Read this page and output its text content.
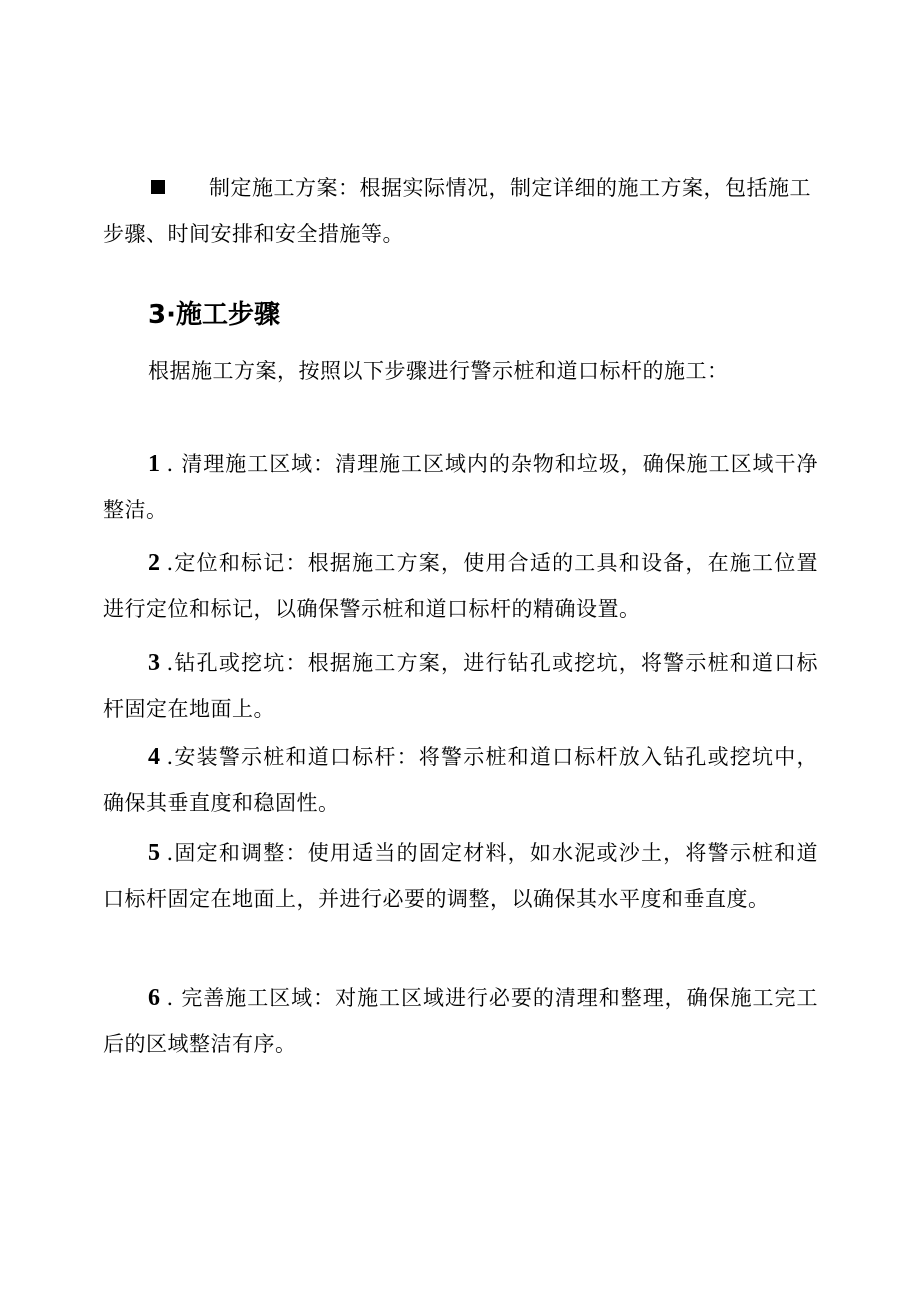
制定施工方案：根据实际情况，制定详细的施工方案，包括施工步骤、时间安排和安全措施等。

3·施工步骤

根据施工方案，按照以下步骤进行警示桩和道口标杆的施工：

1 . 清理施工区域：清理施工区域内的杂物和垃圾，确保施工区域干净整洁。

2 .定位和标记：根据施工方案，使用合适的工具和设备，在施工位置进行定位和标记，以确保警示桩和道口标杆的精确设置。

3 .钻孔或挖坑：根据施工方案，进行钻孔或挖坑，将警示桩和道口标杆固定在地面上。

4 .安装警示桩和道口标杆：将警示桩和道口标杆放入钻孔或挖坑中，确保其垂直度和稳固性。

5 .固定和调整：使用适当的固定材料，如水泥或沙土，将警示桩和道口标杆固定在地面上，并进行必要的调整，以确保其水平度和垂直度。

6 . 完善施工区域：对施工区域进行必要的清理和整理，确保施工完工后的区域整洁有序。
